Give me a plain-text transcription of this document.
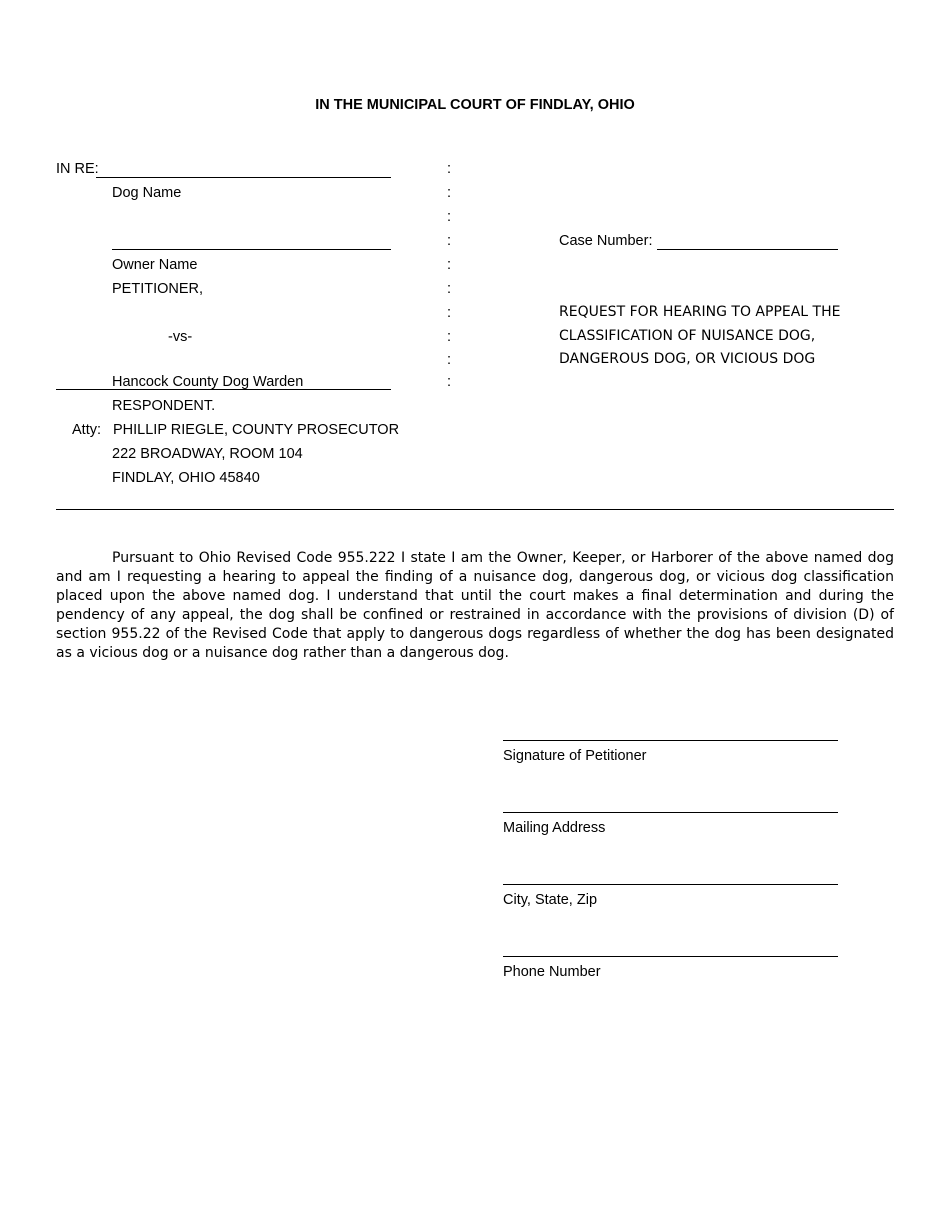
IN THE MUNICIPAL COURT OF FINDLAY, OHIO
IN RE:
Dog Name
Owner Name
PETITIONER,
-vs-
Hancock County Dog Warden
RESPONDENT.
Atty: PHILLIP RIEGLE, COUNTY PROSECUTOR
222 BROADWAY, ROOM 104
FINDLAY, OHIO 45840
:
:
:
:
:
:
:
:
:
:
Case Number:
REQUEST FOR HEARING TO APPEAL THE
CLASSIFICATION OF NUISANCE DOG,
DANGEROUS DOG, OR VICIOUS DOG
Pursuant to Ohio Revised Code 955.222 I state I am the Owner, Keeper, or Harborer of the above named dog and am I requesting a hearing to appeal the finding of a nuisance dog, dangerous dog, or vicious dog classification placed upon the above named dog. I understand that until the court makes a final determination and during the pendency of any appeal, the dog shall be confined or restrained in accordance with the provisions of division (D) of section 955.22 of the Revised Code that apply to dangerous dogs regardless of whether the dog has been designated as a vicious dog or a nuisance dog rather than a dangerous dog.
Signature of Petitioner
Mailing Address
City, State, Zip
Phone Number
